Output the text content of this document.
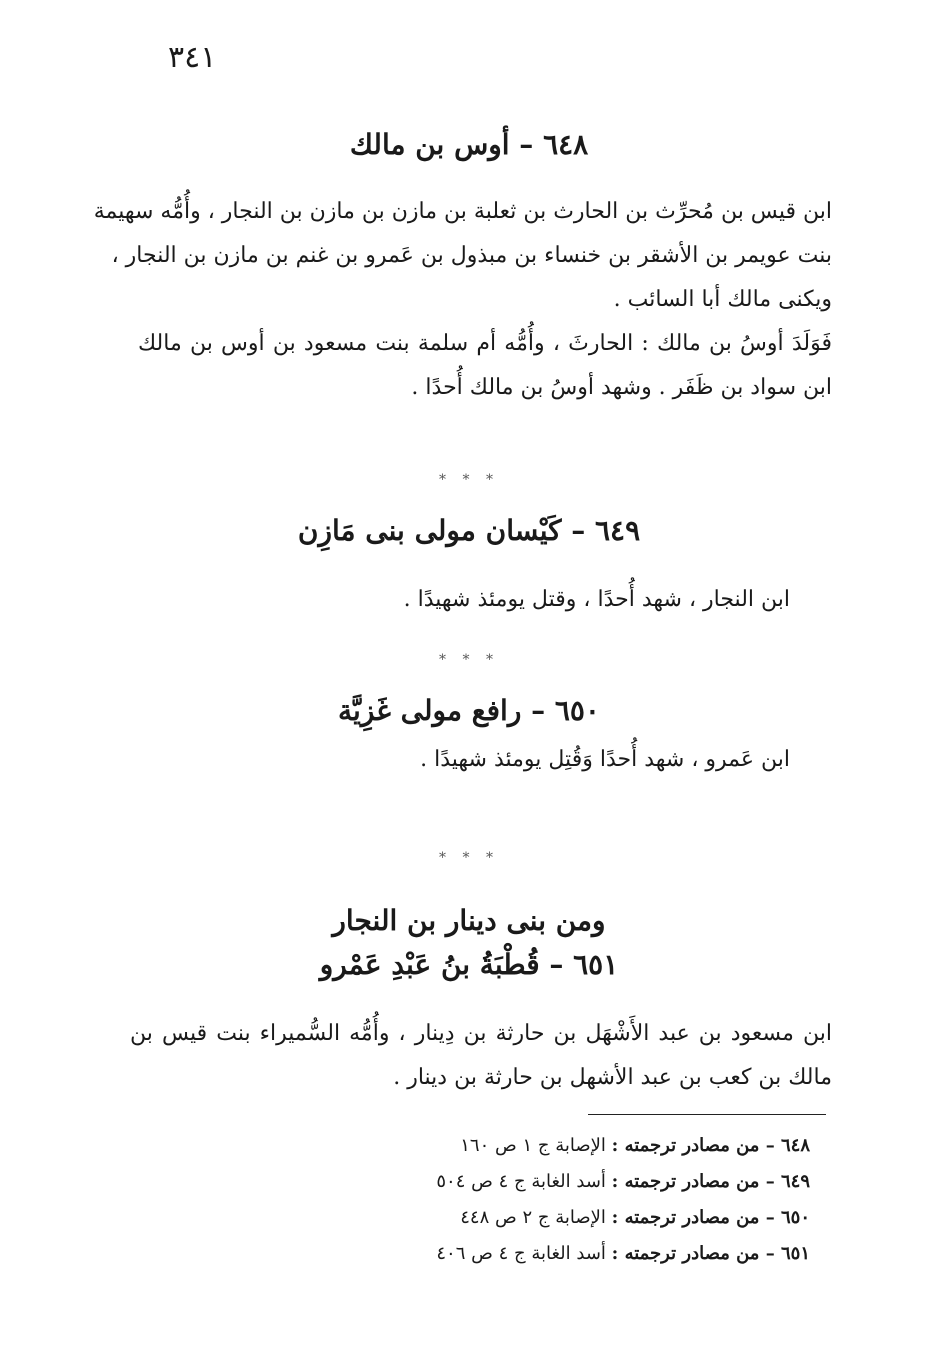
٣٤١
٦٤٨ – أوس بن مالك
ابن قيس بن مُحرِّث بن الحارث بن ثعلبة بن مازن بن مازن بن النجار ، وأُمُّه سهيمة
بنت عويمر بن الأشقر بن خنساء بن مبذول بن عَمرو بن غنم بن مازن بن النجار ،
ويكنى مالك أبا السائب .
فَوَلَدَ أوسُ بن مالك : الحارثَ ، وأُمُّه أم سلمة بنت مسعود بن أوس بن مالك
ابن سواد بن ظَفَر . وشهد أوسُ بن مالك أُحدًا .
* * *
٦٤٩ – كَيْسان مولى بنى مَازِن
ابن النجار ، شهد أُحدًا ، وقتل يومئذ شهيدًا .
* * *
٦٥٠ – رافع مولى غَزِيَّة
ابن عَمرو ، شهد أُحدًا وَقُتِل يومئذ شهيدًا .
* * *
ومن بنى دينار بن النجار
٦٥١ – قُطْبَةُ بنُ عَبْدِ عَمْرو
ابن مسعود بن عبد الأَشْهَل بن حارثة بن دِينار ، وأُمُّه السُّميراء بنت قيس بن
مالك بن كعب بن عبد الأشهل بن حارثة بن دينار .
٦٤٨ – من مصادر ترجمته : الإصابة ج ١ ص ١٦٠
٦٤٩ – من مصادر ترجمته : أسد الغابة ج ٤ ص ٥٠٤
٦٥٠ – من مصادر ترجمته : الإصابة ج ٢ ص ٤٤٨
٦٥١ – من مصادر ترجمته : أسد الغابة ج ٤ ص ٤٠٦
